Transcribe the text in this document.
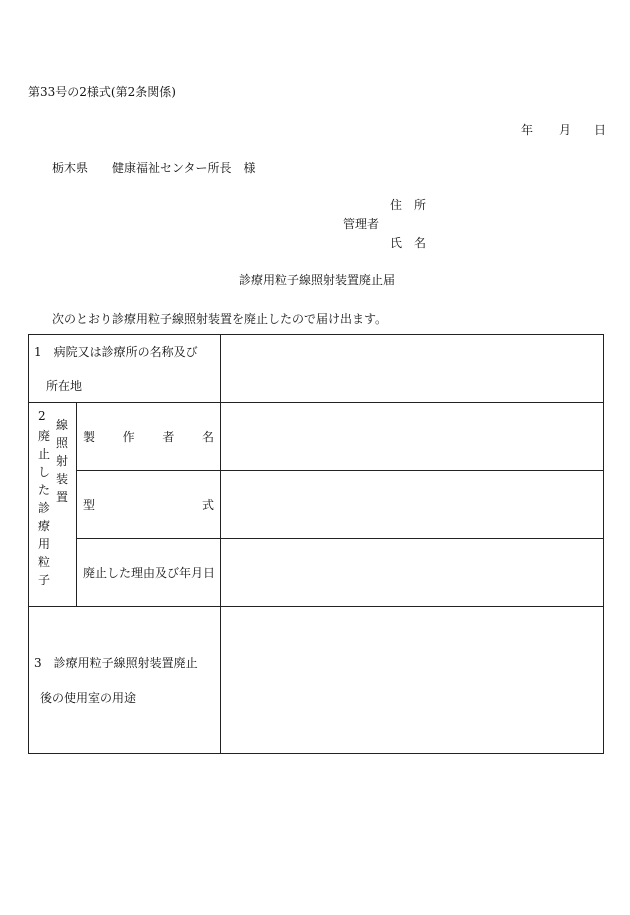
第33号の2様式(第2条関係)
年 月 日
栃木県 健康福祉センター所長　様
住　所
管理者
氏　名
診療用粒子線照射装置廃止届
次のとおり診療用粒子線照射装置を廃止したので届け出ます。
1　病院又は診療所の名称及び
所在地
2
廃
止
し
た
診
療
用
粒
子
線
照
射
装
置
製 作 者 名
型	式
廃止した理由及び年月日
3　診療用粒子線照射装置廃止
後の使用室の用途
